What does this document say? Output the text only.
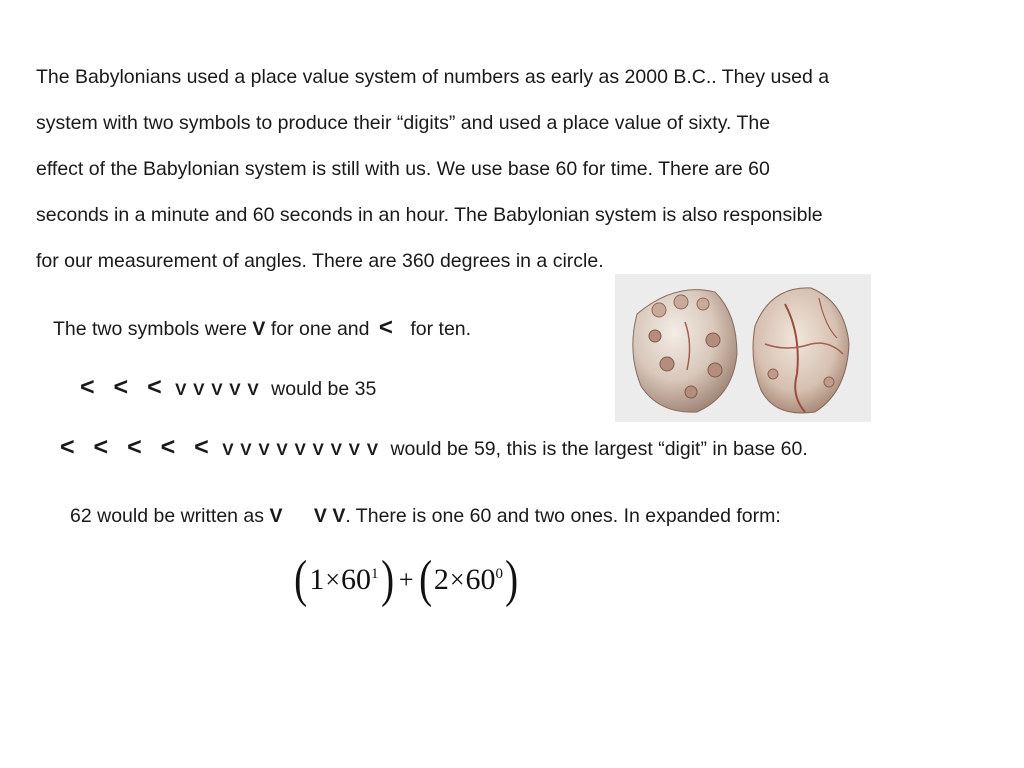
The Babylonians used a place value system of numbers as early as 2000 B.C.. They used a
system with two symbols to produce their “digits” and used a place value of sixty. The
effect of the Babylonian system is still with us. We use base 60 for time. There are 60
seconds in a minute and 60 seconds in an hour. The Babylonian system is also responsible
for our measurement of angles. There are 360 degrees in a circle.
The two symbols were V for one and < for ten.
< < < V V V V V would be 35
< < < < < V V V V V V V V V would be 59, this is the largest “digit” in base 60.
62 would be written as V V V. There is one 60 and two ones. In expanded form:
( $1 \times 60^1$ ) + ( $2 \times 60^0$ )
